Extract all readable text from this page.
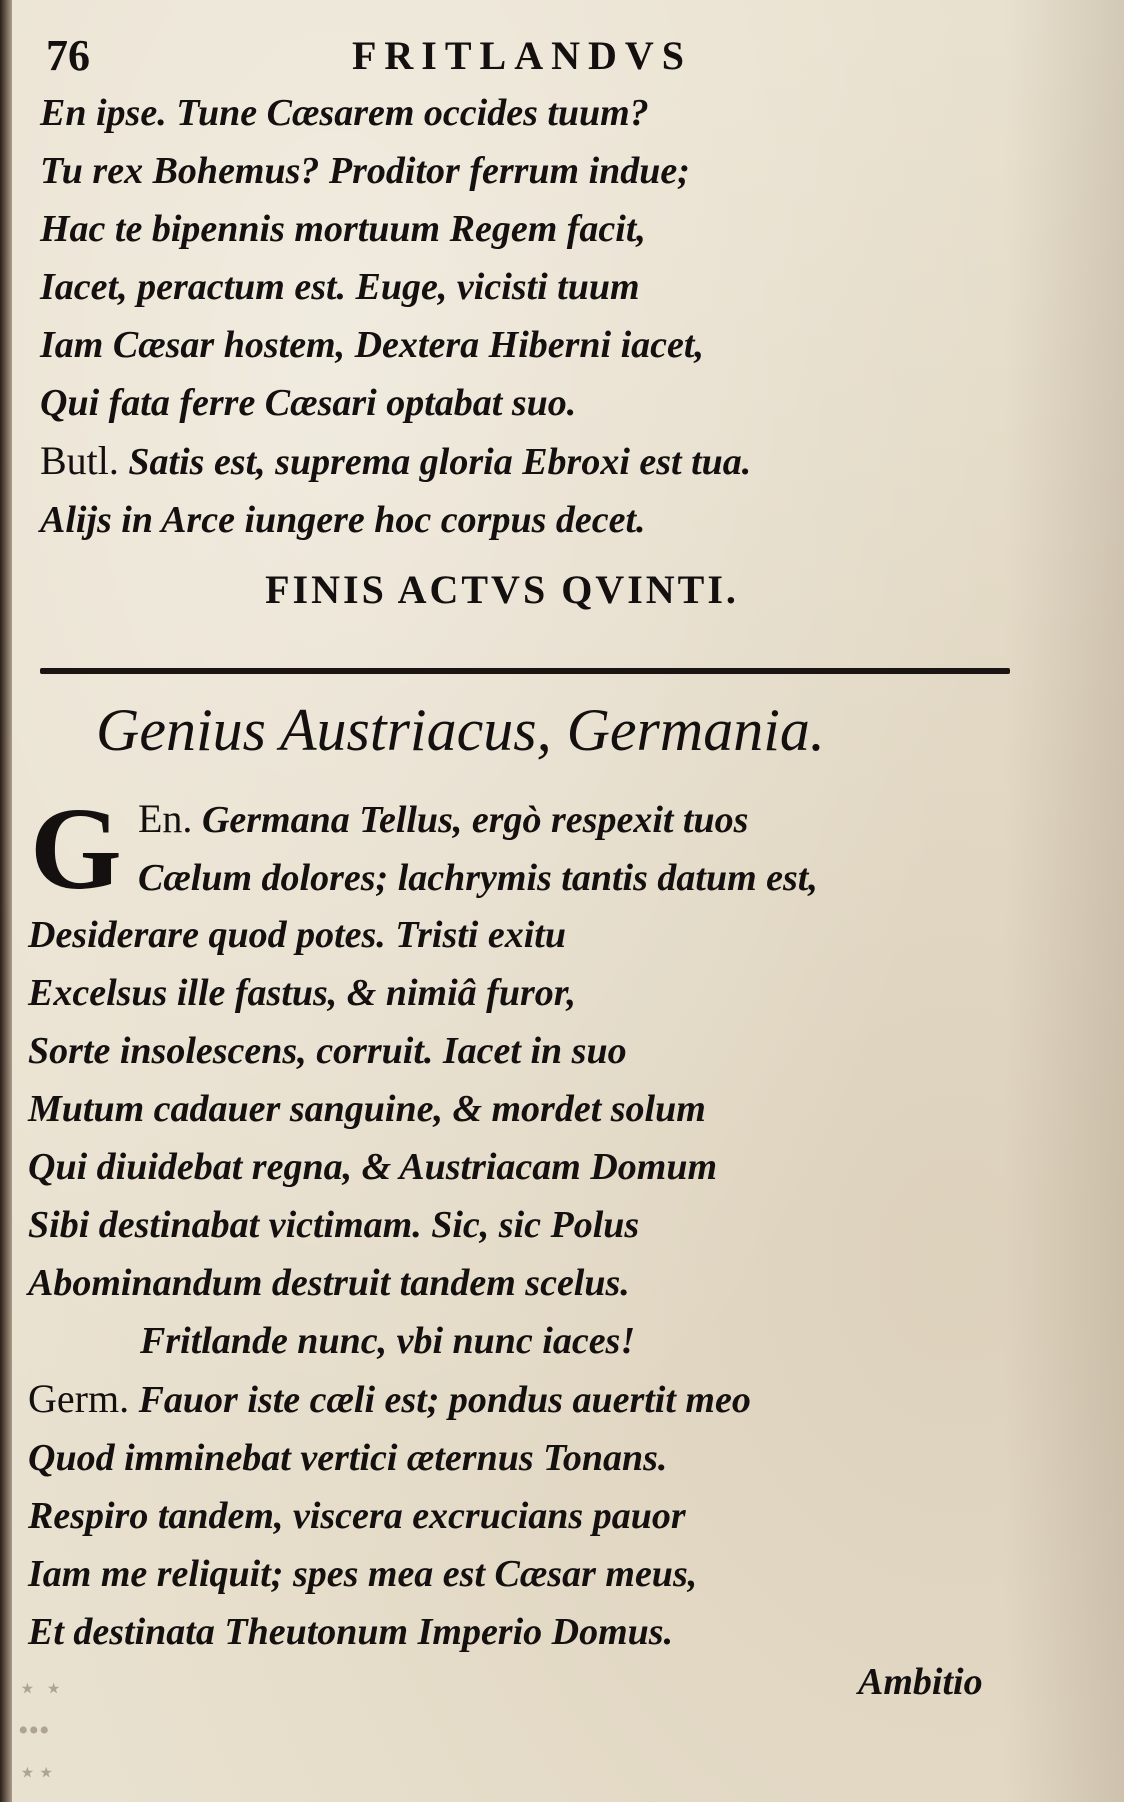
76	FRITLANDVS
En ipse. Tune Cæsarem occides tuum?
Tu rex Bohemus? Proditor ferrum indue;
Hac te bipennis mortuum Regem facit,
Iacet, peractum est. Euge, vicisti tuum
Iam Cæsar hostem, Dextera Hiberni iacet,
Qui fata ferre Cæsari optabat suo.
Butl. Satis est, suprema gloria Ebroxi est tua.
Alijs in Arce iungere hoc corpus decet.
FINIS ACTVS QVINTI.
Genius Austriacus, Germania.
G En. Germana Tellus, ergò respexit tuos
Cælum dolores; lachrymis tantis datum est,
Desiderare quod potes. Tristi exitu
Excelsus ille fastus, & nimiâ furor,
Sorte insolescens, corruit. Iacet in suo
Mutum cadauer sanguine, & mordet solum
Qui diuidebat regna, & Austriacam Domum
Sibi destinabat victimam. Sic, sic Polus
Abominandum destruit tandem scelus.
Fritlande nunc, vbi nunc iaces!
Germ. Fauor iste cæli est; pondus auertit meo
Quod imminebat vertici æternus Tonans.
Respiro tandem, viscera excrucians pauor
Iam me reliquit; spes mea est Cæsar meus,
Et destinata Theutonum Imperio Domus.
Ambitio
⋆ ⋆
•••
⋆⋆
